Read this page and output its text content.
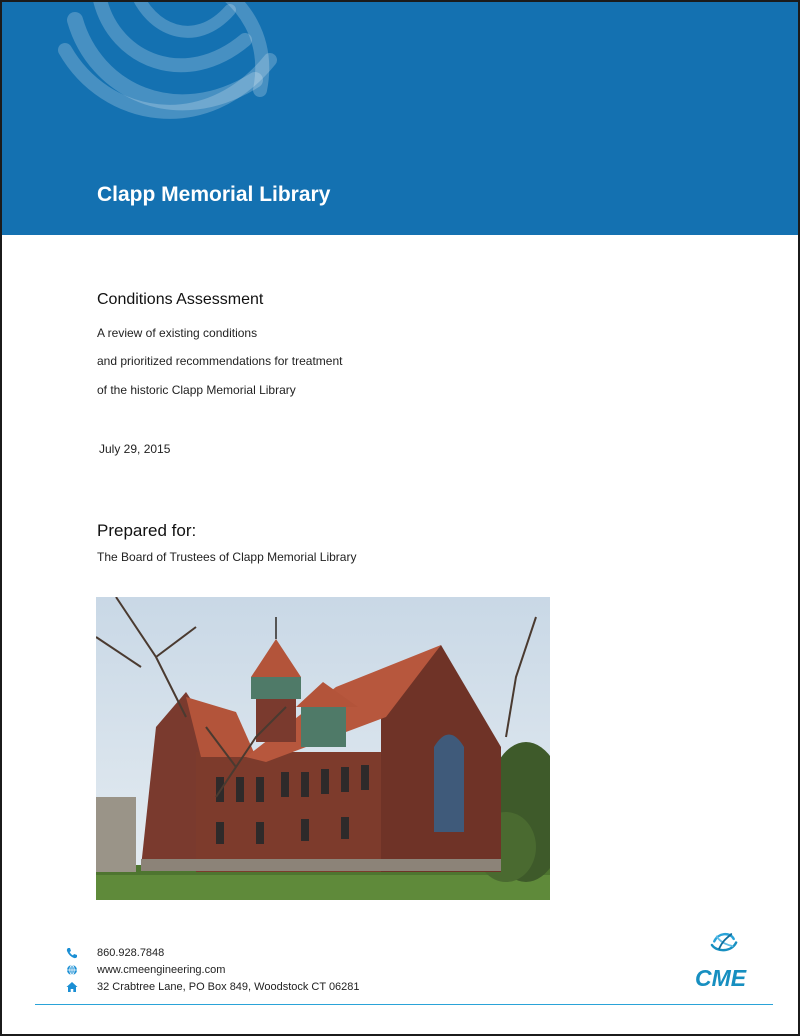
Clapp Memorial Library
Conditions Assessment
A review of existing conditions
and prioritized recommendations for treatment
of the historic Clapp Memorial Library
July 29, 2015
Prepared for:
The Board of Trustees of Clapp Memorial Library
860.928.7848
www.cmeengineering.com
32 Crabtree Lane, PO Box 849, Woodstock CT 06281	CME
